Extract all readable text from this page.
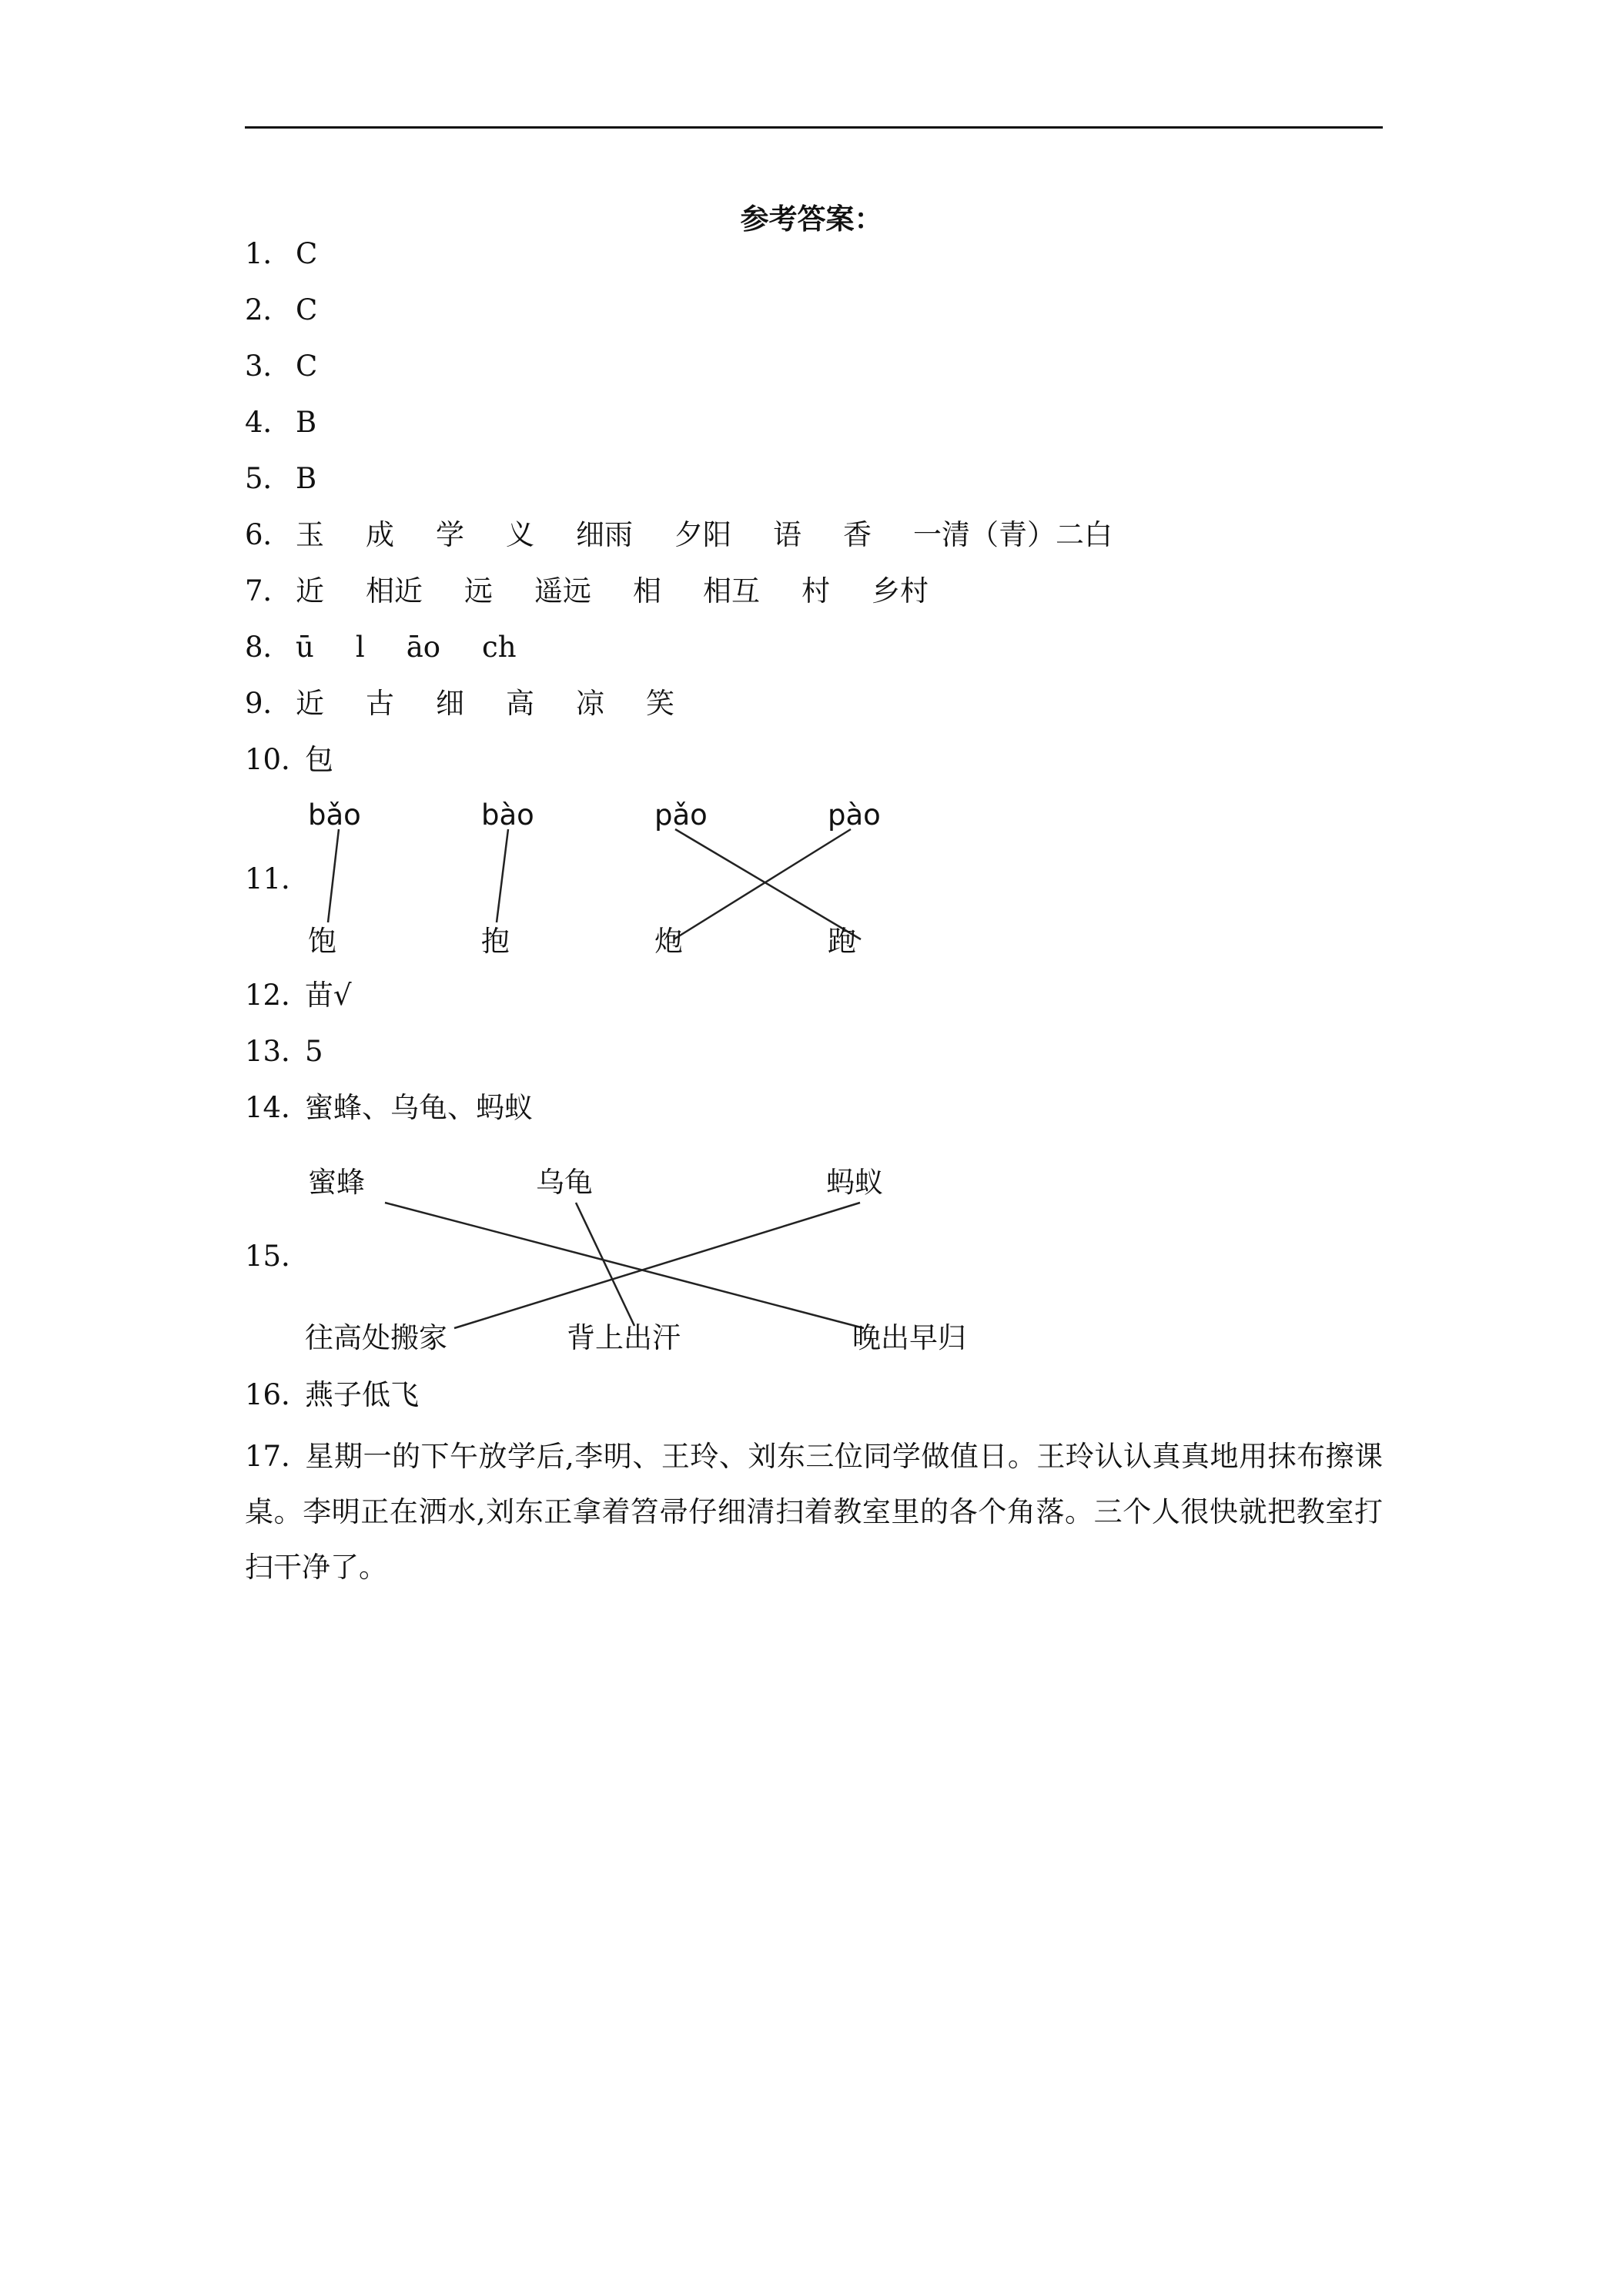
参考答案：
1． C
2． C
3． C
4． B
5． B
6． 玉 成 学 义 细雨 夕阳 语 香 一清（青）二白
7． 近 相近 远 遥远 相 相互 村 乡村
8． ū l āo ch
9． 近 古 细 高 凉 笑
10．包
11．
bǎo	bào	pǎo	pào
饱	抱	炮	跑
12．苗√
13．5
14．蜜蜂、乌龟、蚂蚁
15．
蜜蜂	乌龟	蚂蚁
往高处搬家	背上出汗	晚出早归
16．燕子低飞
17．星期一的下午放学后,李明、王玲、刘东三位同学做值日。王玲认认真真地用抹布擦课桌。李明正在洒水,刘东正拿着笤帚仔细清扫着教室里的各个角落。三个人很快就把教室打扫干净了。
